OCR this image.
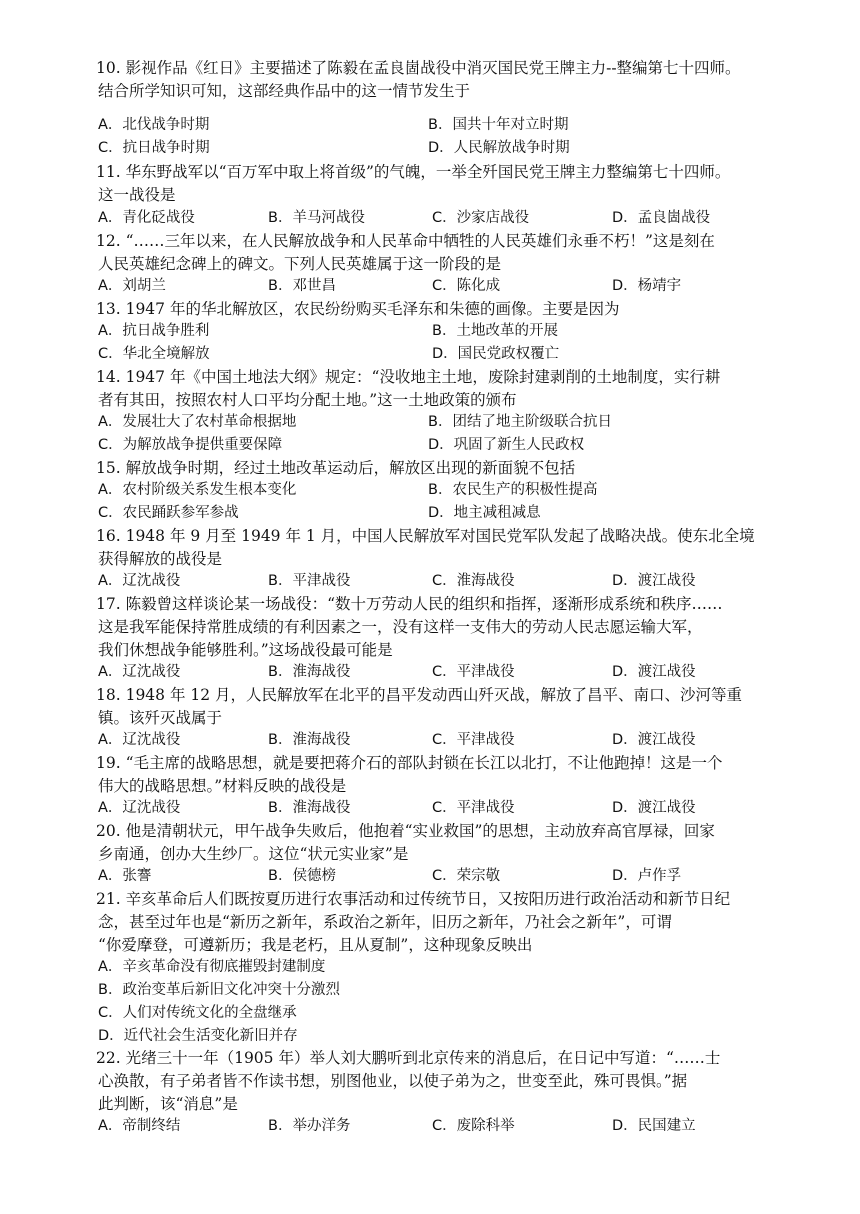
10. 影视作品《红日》主要描述了陈毅在孟良崮战役中消灭国民党王牌主力--整编第七十四师。
结合所学知识可知，这部经典作品中的这一情节发生于
A．北伐战争时期	B．国共十年对立时期
C．抗日战争时期	D．人民解放战争时期
11. 华东野战军以“百万军中取上将首级”的气魄，一举全歼国民党王牌主力整编第七十四师。
这一战役是
A．青化砭战役	B．羊马河战役	C．沙家店战役	D．孟良崮战役
12. “……三年以来，在人民解放战争和人民革命中牺牲的人民英雄们永垂不朽！”这是刻在
人民英雄纪念碑上的碑文。下列人民英雄属于这一阶段的是
A．刘胡兰	B．邓世昌	C．陈化成	D．杨靖宇
13. 1947 年的华北解放区，农民纷纷购买毛泽东和朱德的画像。主要是因为
A．抗日战争胜利	B．土地改革的开展
C．华北全境解放	D．国民党政权覆亡
14. 1947 年《中国土地法大纲》规定：“没收地主土地，废除封建剥削的土地制度，实行耕
者有其田，按照农村人口平均分配土地。”这一土地政策的颁布
A．发展壮大了农村革命根据地	B．团结了地主阶级联合抗日
C．为解放战争提供重要保障	D．巩固了新生人民政权
15. 解放战争时期，经过土地改革运动后，解放区出现的新面貌不包括
A．农村阶级关系发生根本变化	B．农民生产的积极性提高
C．农民踊跃参军参战	D．地主减租减息
16. 1948 年 9 月至 1949 年 1 月，中国人民解放军对国民党军队发起了战略决战。使东北全境
获得解放的战役是
A．辽沈战役	B．平津战役	C．淮海战役	D．渡江战役
17. 陈毅曾这样谈论某一场战役：“数十万劳动人民的组织和指挥，逐渐形成系统和秩序……
这是我军能保持常胜成绩的有利因素之一，没有这样一支伟大的劳动人民志愿运输大军，
我们休想战争能够胜利。”这场战役最可能是
A．辽沈战役	B．淮海战役	C．平津战役	D．渡江战役
18. 1948 年 12 月，人民解放军在北平的昌平发动西山歼灭战，解放了昌平、南口、沙河等重
镇。该歼灭战属于
A．辽沈战役	B．淮海战役	C．平津战役	D．渡江战役
19. “毛主席的战略思想，就是要把蒋介石的部队封锁在长江以北打，不让他跑掉！这是一个
伟大的战略思想。”材料反映的战役是
A．辽沈战役	B．淮海战役	C．平津战役	D．渡江战役
20. 他是清朝状元，甲午战争失败后，他抱着“实业救国”的思想，主动放弃高官厚禄，回家
乡南通，创办大生纱厂。这位“状元实业家”是
A．张謇	B．侯德榜	C．荣宗敬	D．卢作孚
21. 辛亥革命后人们既按夏历进行农事活动和过传统节日，又按阳历进行政治活动和新节日纪
念，甚至过年也是“新历之新年，系政治之新年，旧历之新年，乃社会之新年”，可谓
“你爱摩登，可遵新历；我是老朽，且从夏制”，这种现象反映出
A．辛亥革命没有彻底摧毁封建制度
B．政治变革后新旧文化冲突十分激烈
C．人们对传统文化的全盘继承
D．近代社会生活变化新旧并存
22. 光绪三十一年（1905 年）举人刘大鹏听到北京传来的消息后，在日记中写道：“……士
心涣散，有子弟者皆不作读书想，别图他业，以使子弟为之，世变至此，殊可畏惧。”据
此判断，该“消息”是
A．帝制终结	B．举办洋务	C．废除科举	D．民国建立
